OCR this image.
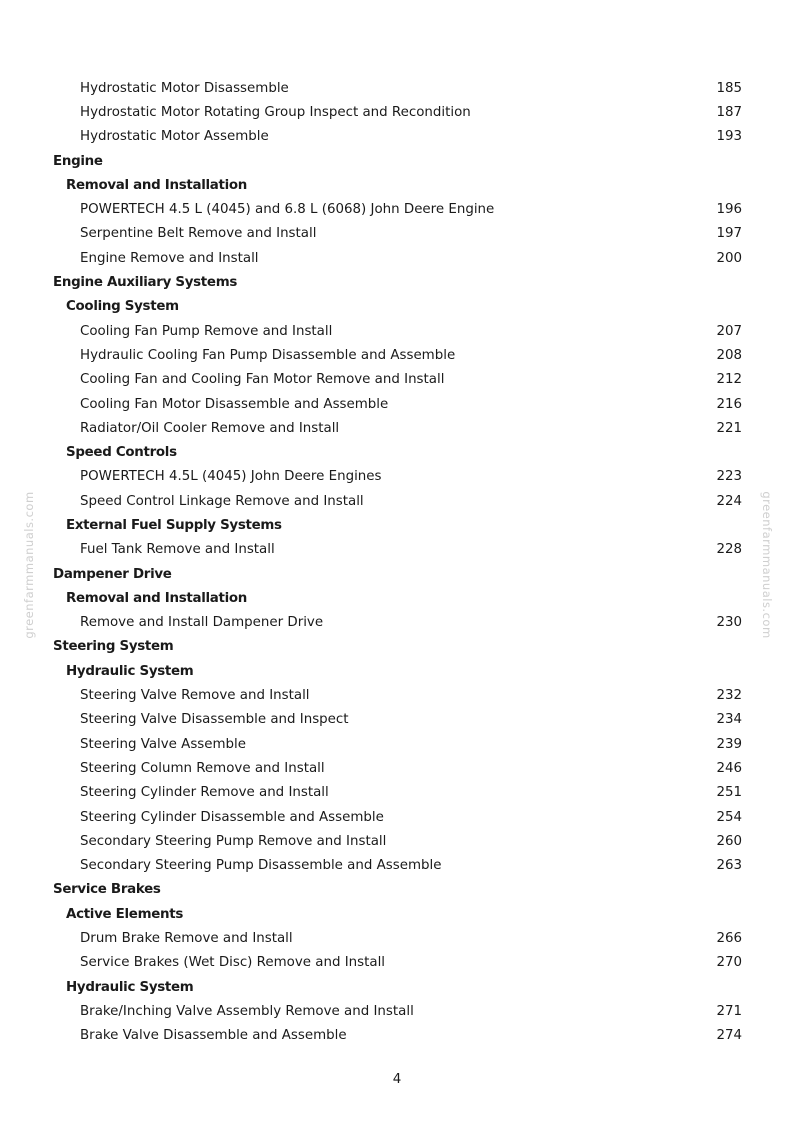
Hydrostatic Motor Disassemble	185
Hydrostatic Motor Rotating Group Inspect and Recondition	187
Hydrostatic Motor Assemble	193
Engine
Removal and Installation
POWERTECH 4.5 L (4045) and 6.8 L (6068) John Deere Engine	196
Serpentine Belt Remove and Install	197
Engine Remove and Install	200
Engine Auxiliary Systems
Cooling System
Cooling Fan Pump Remove and Install	207
Hydraulic Cooling Fan Pump Disassemble and Assemble	208
Cooling Fan and Cooling Fan Motor Remove and Install	212
Cooling Fan Motor Disassemble and Assemble	216
Radiator/Oil Cooler Remove and Install	221
Speed Controls
POWERTECH 4.5L (4045) John Deere Engines	223
Speed Control Linkage Remove and Install	224
External Fuel Supply Systems
Fuel Tank Remove and Install	228
Dampener Drive
Removal and Installation
Remove and Install Dampener Drive	230
Steering System
Hydraulic System
Steering Valve Remove and Install	232
Steering Valve Disassemble and Inspect	234
Steering Valve Assemble	239
Steering Column Remove and Install	246
Steering Cylinder Remove and Install	251
Steering Cylinder Disassemble and Assemble	254
Secondary Steering Pump Remove and Install	260
Secondary Steering Pump Disassemble and Assemble	263
Service Brakes
Active Elements
Drum Brake Remove and Install	266
Service Brakes (Wet Disc) Remove and Install	270
Hydraulic System
Brake/Inching Valve Assembly Remove and Install	271
Brake Valve Disassemble and Assemble	274
4
greenfarmmanuals.com	greenfarmmanuals.com
